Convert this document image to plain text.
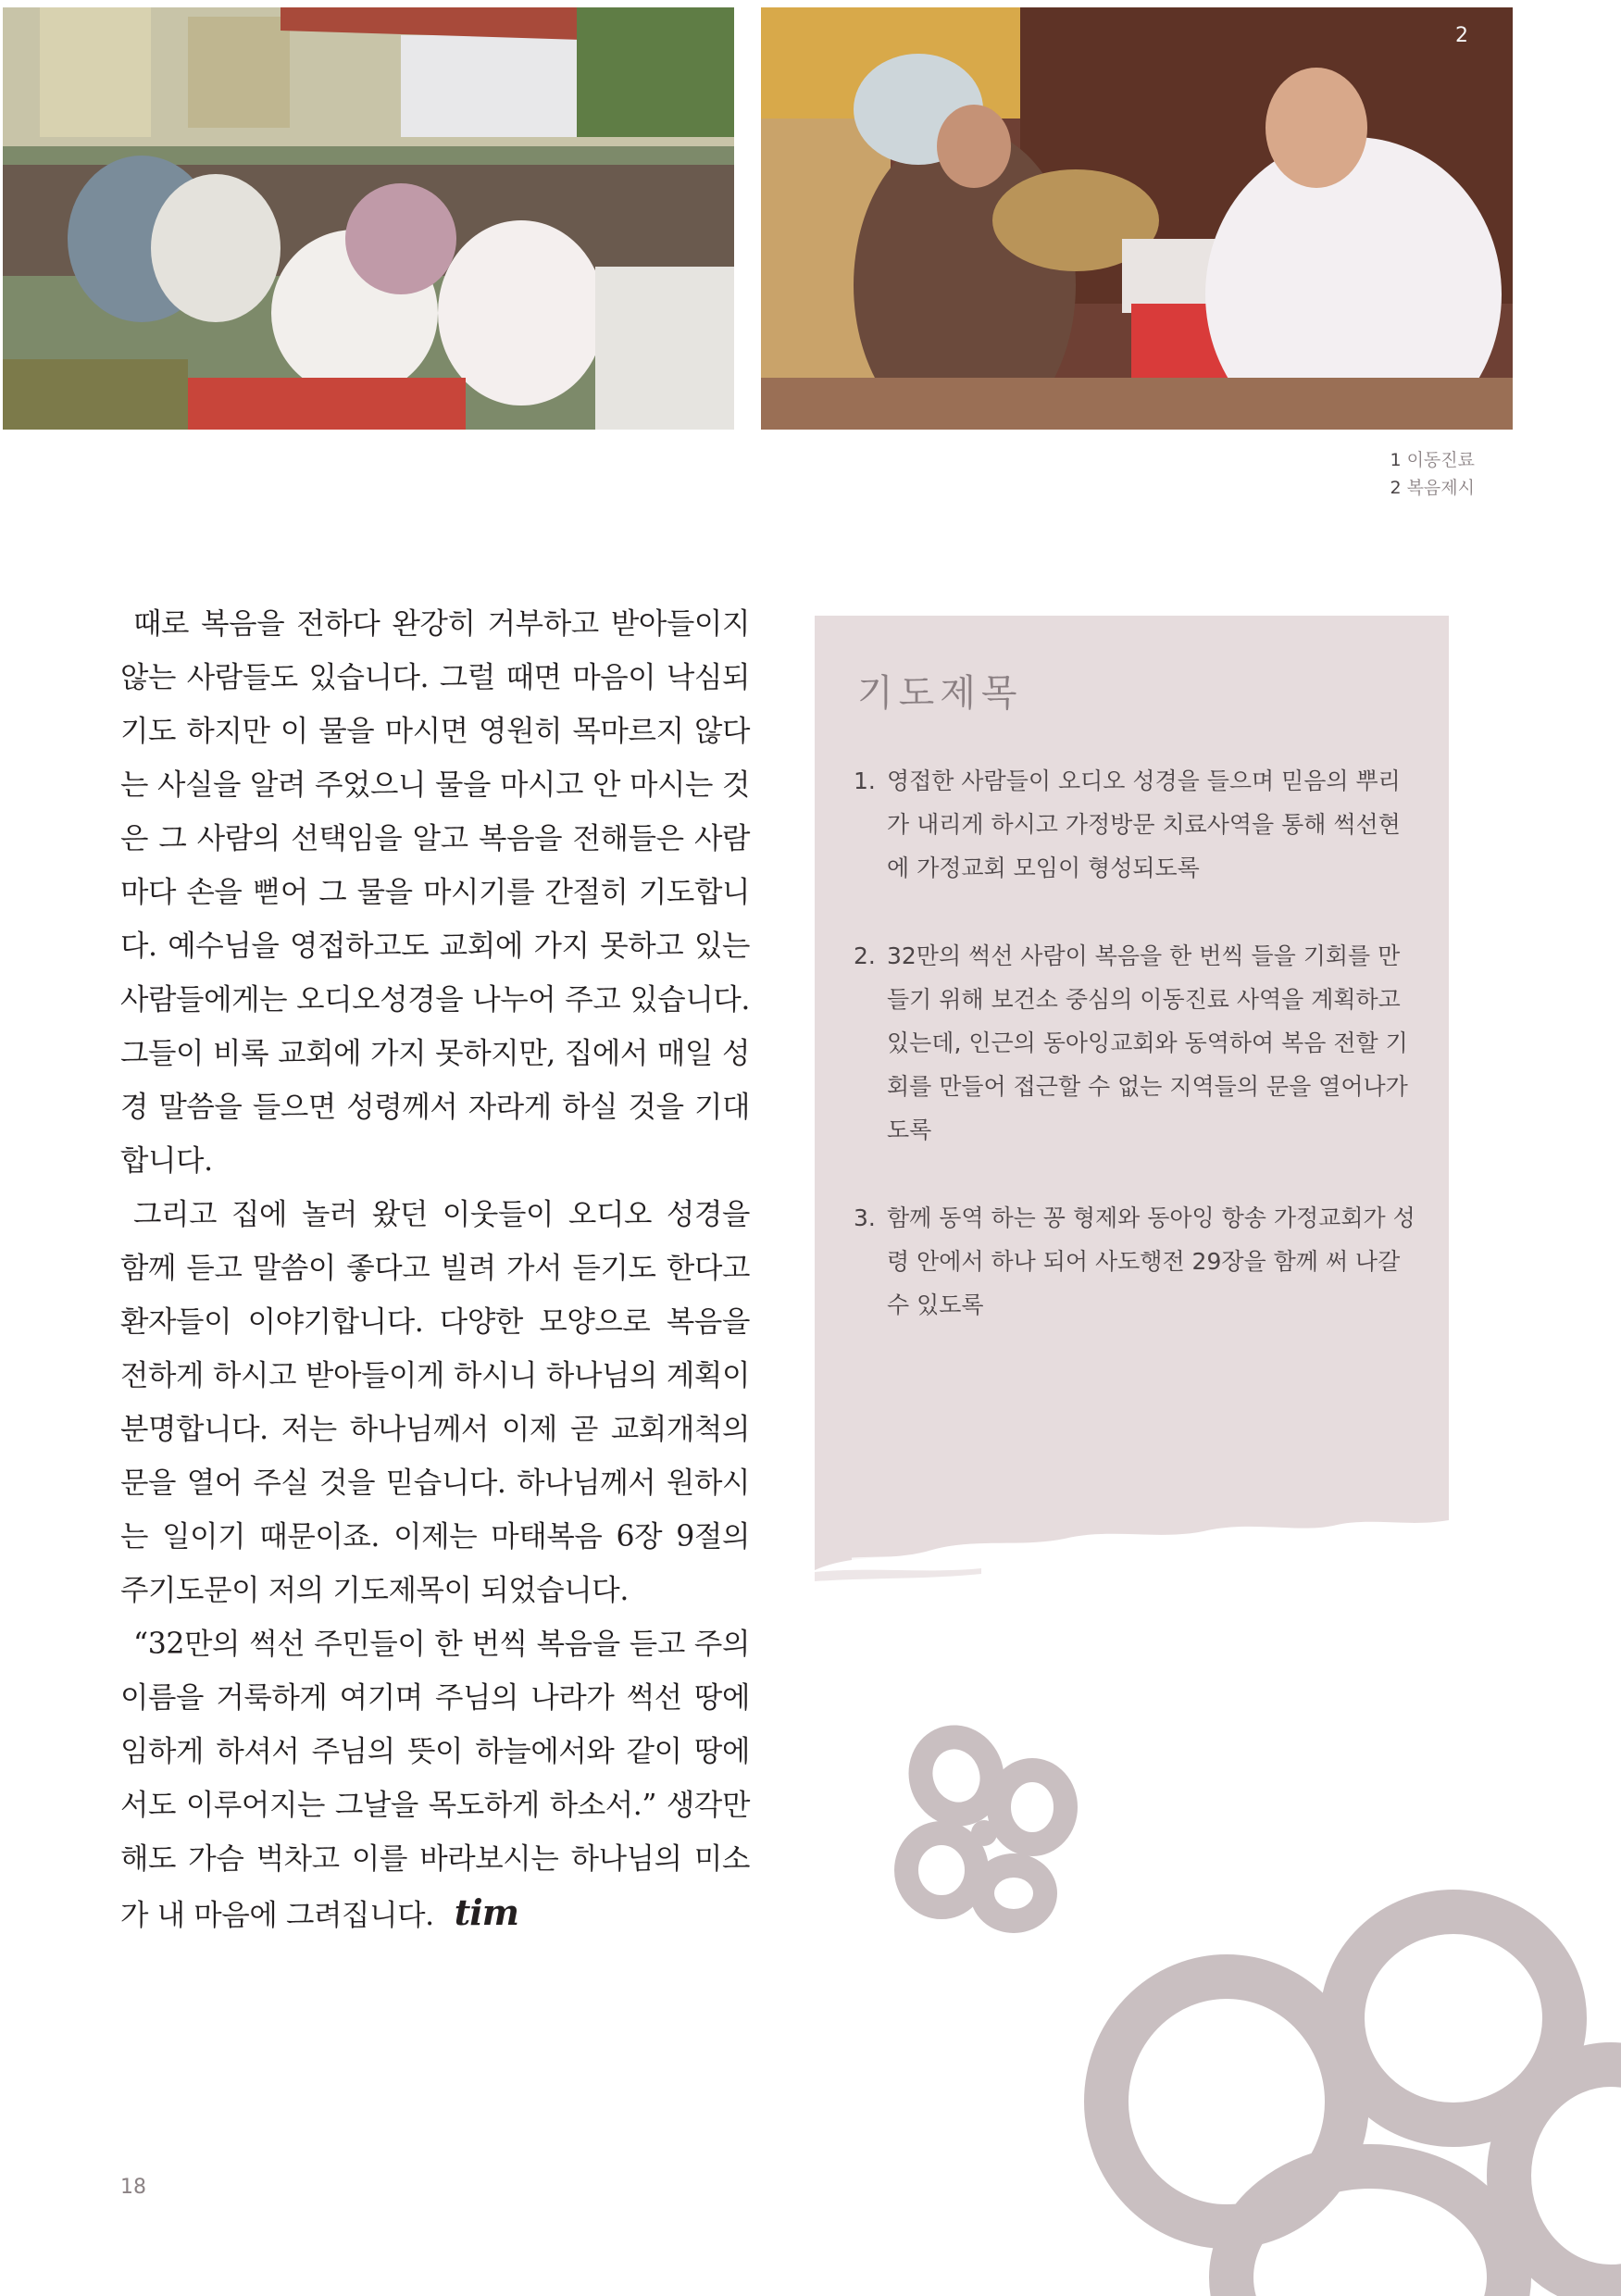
2
1 이동진료
2 복음제시

때로 복음을 전하다 완강히 거부하고 받아들이지 않는 사람들도 있습니다. 그럴 때면 마음이 낙심되기도 하지만 이 물을 마시면 영원히 목마르지 않다는 사실을 알려 주었으니 물을 마시고 안 마시는 것은 그 사람의 선택임을 알고 복음을 전해들은 사람마다 손을 뻗어 그 물을 마시기를 간절히 기도합니다. 예수님을 영접하고도 교회에 가지 못하고 있는 사람들에게는 오디오성경을 나누어 주고 있습니다. 그들이 비록 교회에 가지 못하지만, 집에서 매일 성경 말씀을 들으면 성령께서 자라게 하실 것을 기대합니다.

그리고 집에 놀러 왔던 이웃들이 오디오 성경을 함께 듣고 말씀이 좋다고 빌려 가서 듣기도 한다고 환자들이 이야기합니다. 다양한 모양으로 복음을 전하게 하시고 받아들이게 하시니 하나님의 계획이 분명합니다. 저는 하나님께서 이제 곧 교회개척의 문을 열어 주실 것을 믿습니다. 하나님께서 원하시는 일이기 때문이죠. 이제는 마태복음 6장 9절의 주기도문이 저의 기도제목이 되었습니다.

“32만의 썩선 주민들이 한 번씩 복음을 듣고 주의 이름을 거룩하게 여기며 주님의 나라가 썩선 땅에 임하게 하셔서 주님의 뜻이 하늘에서와 같이 땅에서도 이루어지는 그날을 목도하게 하소서.” 생각만 해도 가슴 벅차고 이를 바라보시는 하나님의 미소가 내 마음에 그려집니다. tim

기도제목
1. 영접한 사람들이 오디오 성경을 들으며 믿음의 뿌리가 내리게 하시고 가정방문 치료사역을 통해 썩선현에 가정교회 모임이 형성되도록
2. 32만의 썩선 사람이 복음을 한 번씩 들을 기회를 만들기 위해 보건소 중심의 이동진료 사역을 계획하고 있는데, 인근의 동아잉교회와 동역하여 복음 전할 기회를 만들어 접근할 수 없는 지역들의 문을 열어나가도록
3. 함께 동역 하는 꽁 형제와 동아잉 항송 가정교회가 성령 안에서 하나 되어 사도행전 29장을 함께 써 나갈 수 있도록
18
